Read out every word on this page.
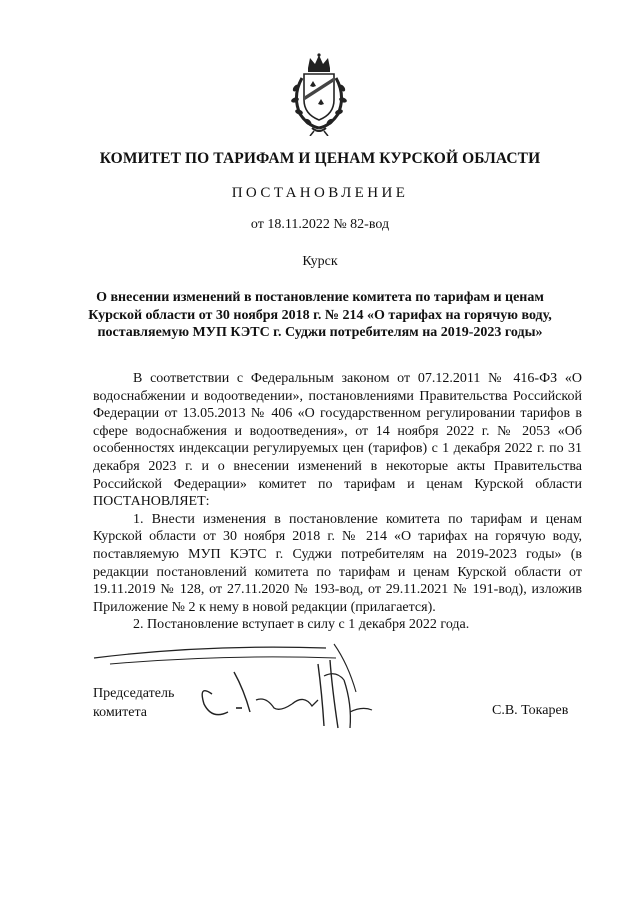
КОМИТЕТ ПО ТАРИФАМ И ЦЕНАМ КУРСКОЙ ОБЛАСТИ
ПОСТАНОВЛЕНИЕ
от 18.11.2022 № 82-вод
Курск
О внесении изменений в постановление комитета по тарифам и ценам Курской области от 30 ноября 2018 г. № 214 «О тарифах на горячую воду, поставляемую МУП КЭТС г. Суджи потребителям на 2019-2023 годы»

В соответствии с Федеральным законом от 07.12.2011 № 416-ФЗ «О водоснабжении и водоотведении», постановлениями Правительства Российской Федерации от 13.05.2013 № 406 «О государственном регулировании тарифов в сфере водоснабжения и водоотведения», от 14 ноября 2022 г. № 2053 «Об особенностях индексации регулируемых цен (тарифов) с 1 декабря 2022 г. по 31 декабря 2023 г. и о внесении изменений в некоторые акты Правительства Российской Федерации» комитет по тарифам и ценам Курской области ПОСТАНОВЛЯЕТ:

1. Внести изменения в постановление комитета по тарифам и ценам Курской области от 30 ноября 2018 г. № 214 «О тарифах на горячую воду, поставляемую МУП КЭТС г. Суджи потребителям на 2019-2023 годы» (в редакции постановлений комитета по тарифам и ценам Курской области от 19.11.2019 № 128, от 27.11.2020 № 193-вод, от 29.11.2021 № 191-вод), изложив Приложение № 2 к нему в новой редакции (прилагается).

2. Постановление вступает в силу с 1 декабря 2022 года.

Председатель
комитета	С.В. Токарев
